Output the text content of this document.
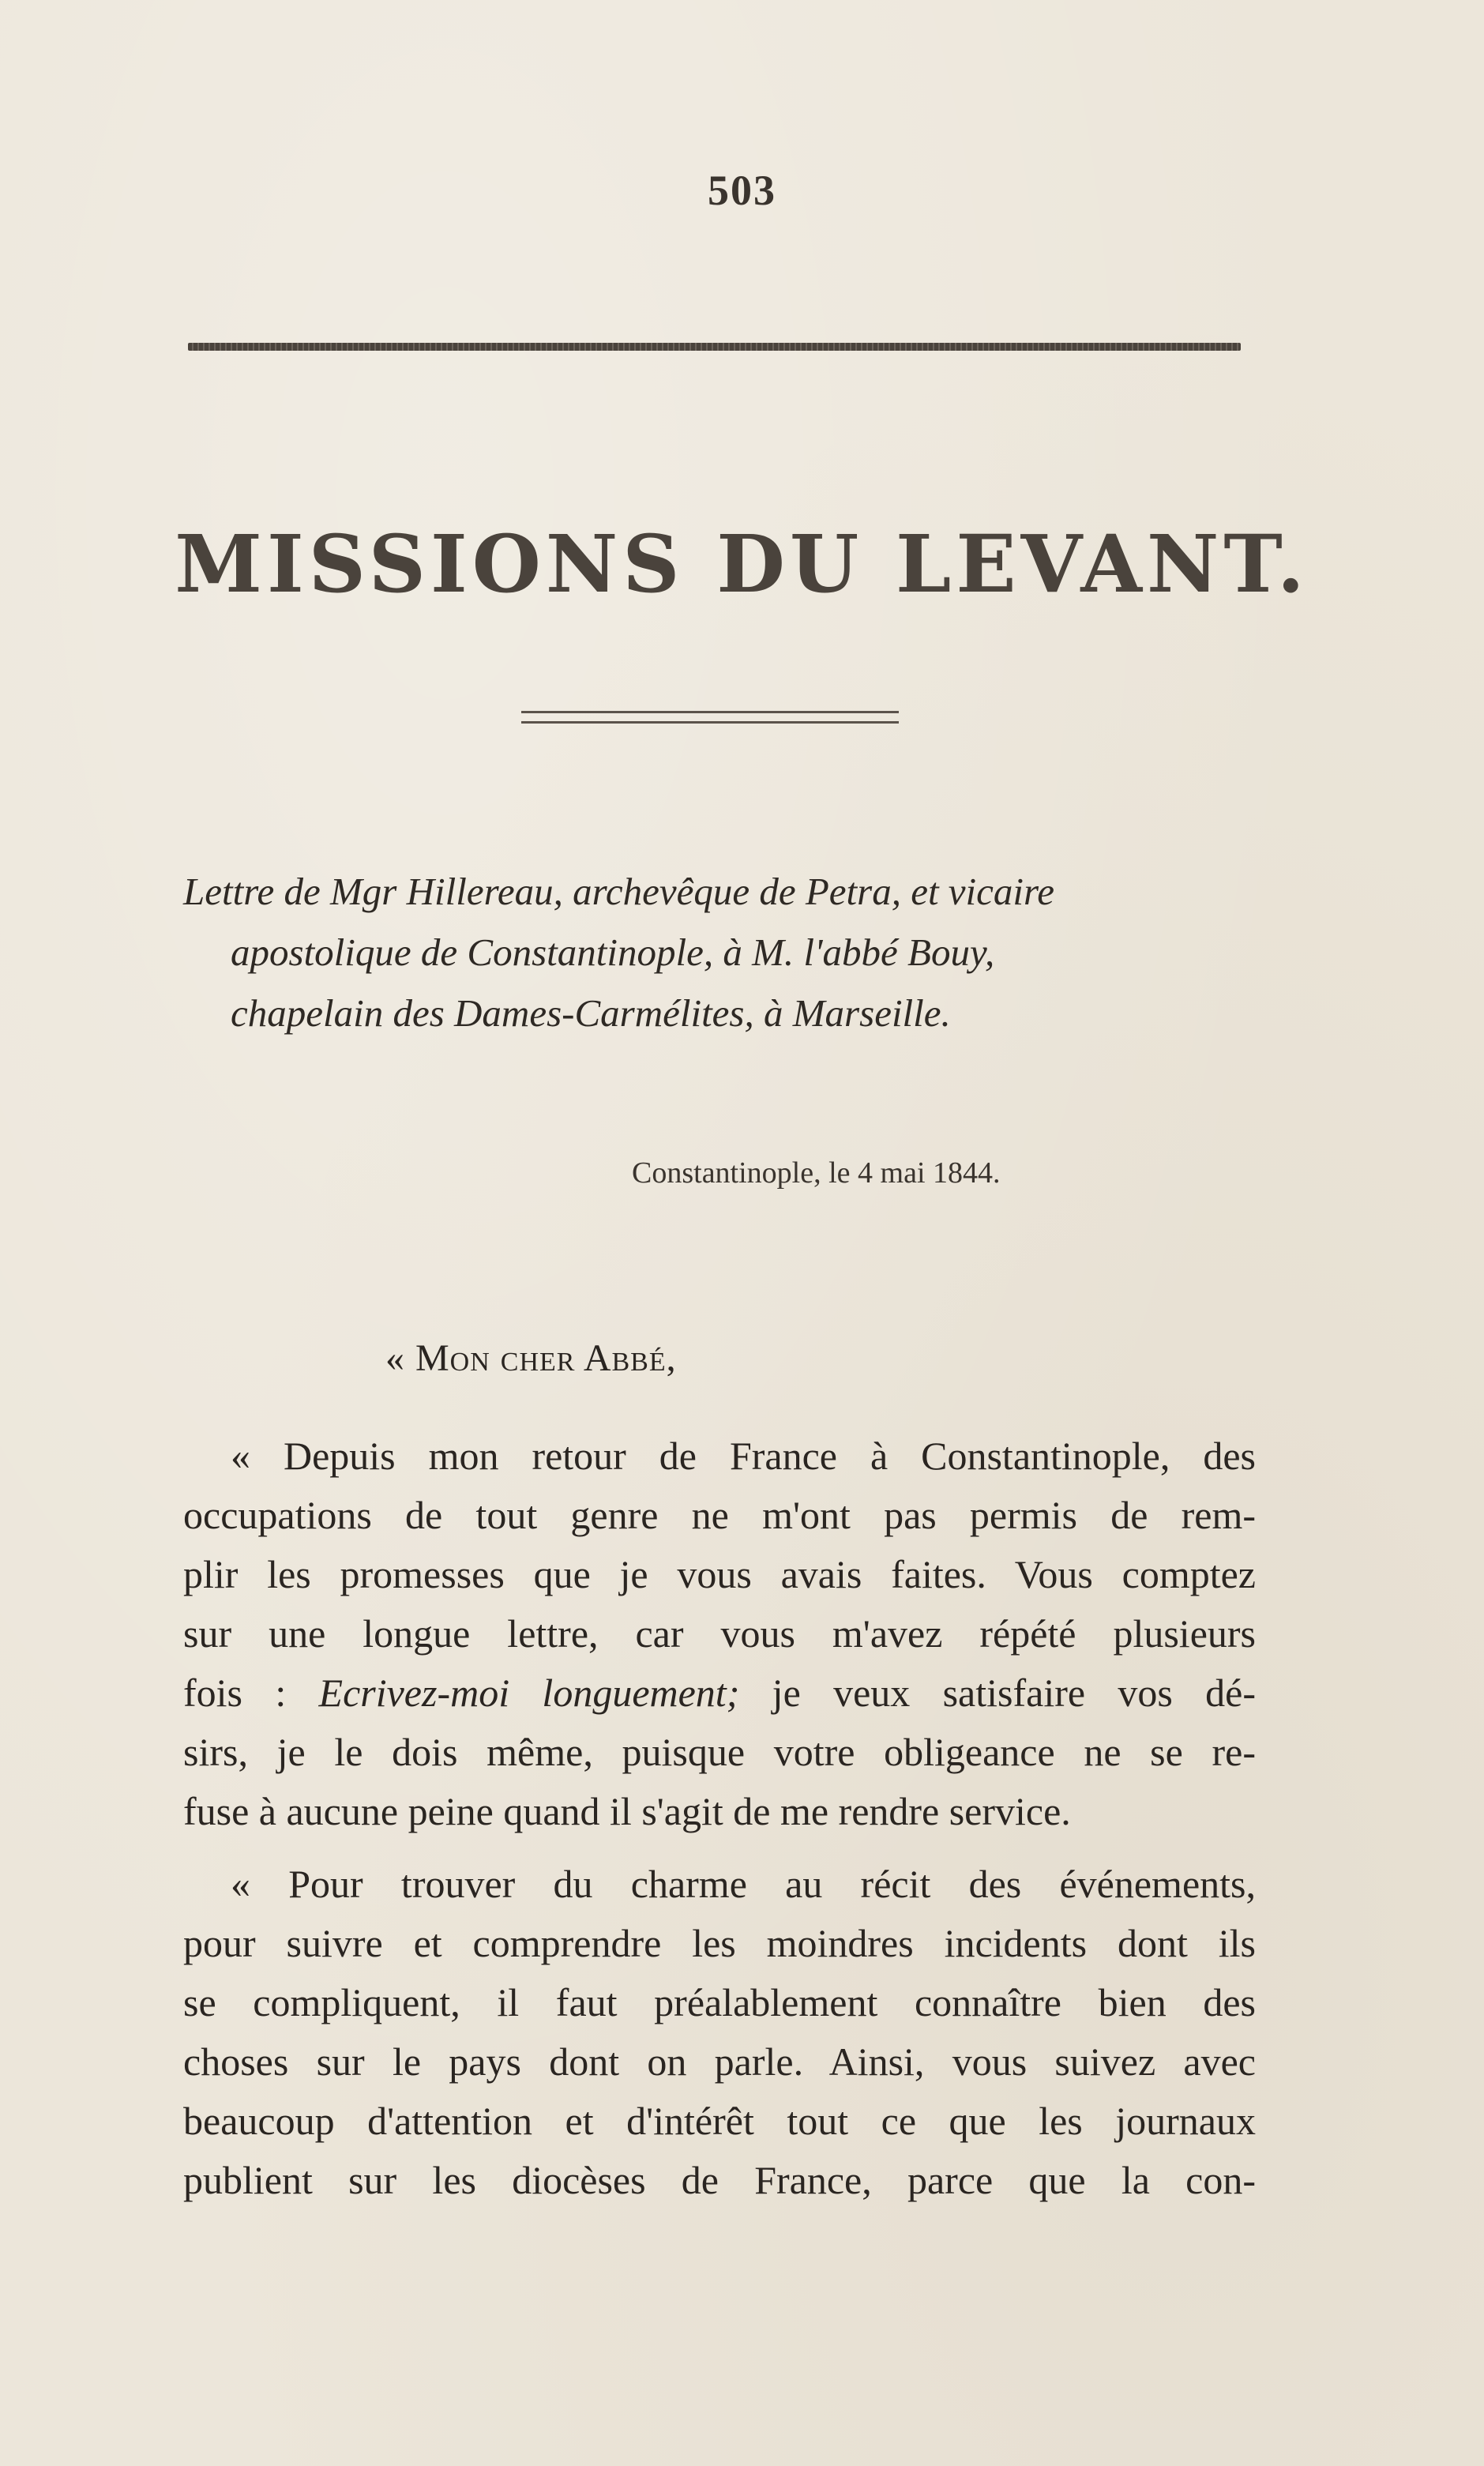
503
MISSIONS DU LEVANT.
Lettre de Mgr Hillereau, archevêque de Petra, et vicaire
apostolique de Constantinople, à M. l'abbé Bouy,
chapelain des Dames-Carmélites, à Marseille.
Constantinople, le 4 mai 1844.
« Mon cher Abbé,
« Depuis mon retour de France à Constantinople, des
occupations de tout genre ne m'ont pas permis de rem-
plir les promesses que je vous avais faites. Vous comptez
sur une longue lettre, car vous m'avez répété plusieurs
fois : Ecrivez-moi longuement; je veux satisfaire vos dé-
sirs, je le dois même, puisque votre obligeance ne se re-
fuse à aucune peine quand il s'agit de me rendre service.
« Pour trouver du charme au récit des événements,
pour suivre et comprendre les moindres incidents dont ils
se compliquent, il faut préalablement connaître bien des
choses sur le pays dont on parle. Ainsi, vous suivez avec
beaucoup d'attention et d'intérêt tout ce que les journaux
publient sur les diocèses de France, parce que la con-
